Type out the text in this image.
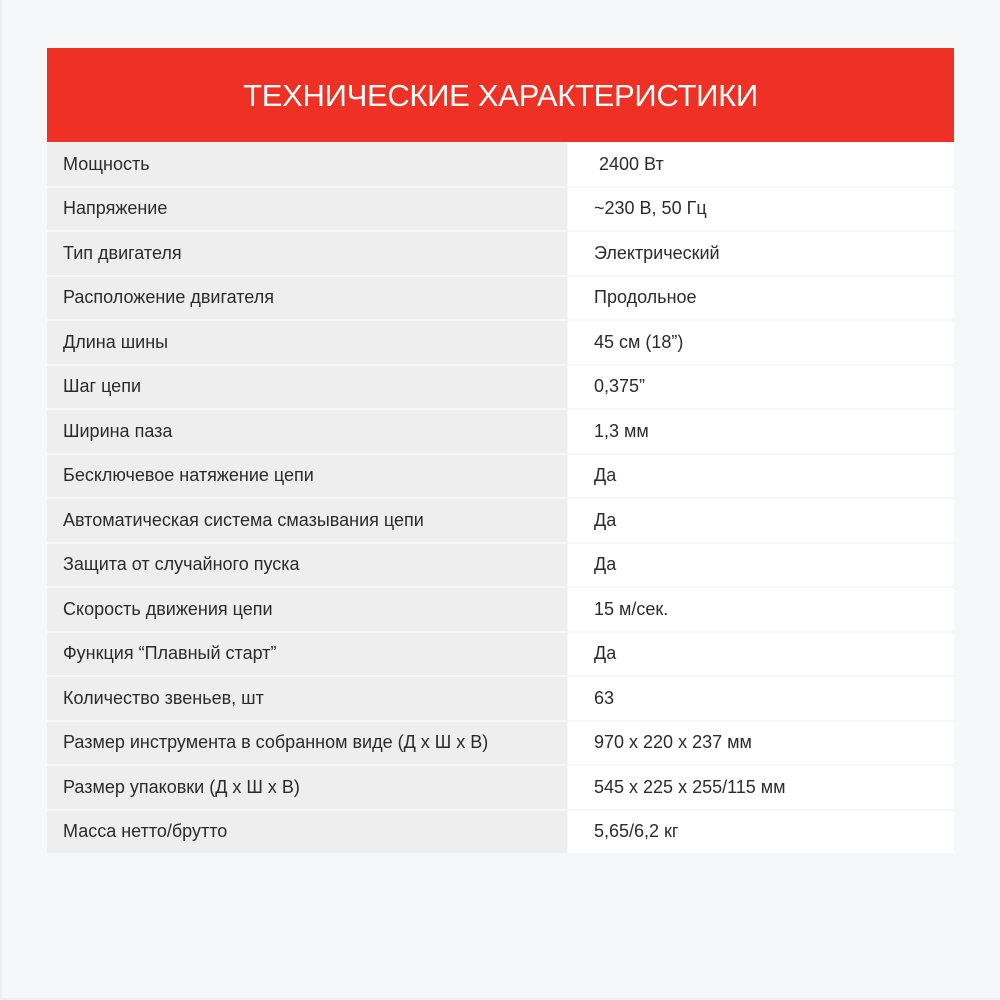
ТЕХНИЧЕСКИЕ ХАРАКТЕРИСТИКИ
Мощность	2400 Вт
Напряжение	~230 В, 50 Гц
Тип двигателя	Электрический
Расположение двигателя	Продольное
Длина шины	45 см (18”)
Шаг цепи	0,375”
Ширина паза	1,3 мм
Бесключевое натяжение цепи	Да
Автоматическая система смазывания цепи	Да
Защита от случайного пуска	Да
Скорость движения цепи	15 м/сек.
Функция “Плавный старт”	Да
Количество звеньев, шт	63
Размер инструмента в собранном виде (Д х Ш х В)	970 х 220 х 237 мм
Размер упаковки (Д х Ш х В)	545 х 225 х 255/115 мм
Масса нетто/брутто	5,65/6,2 кг
